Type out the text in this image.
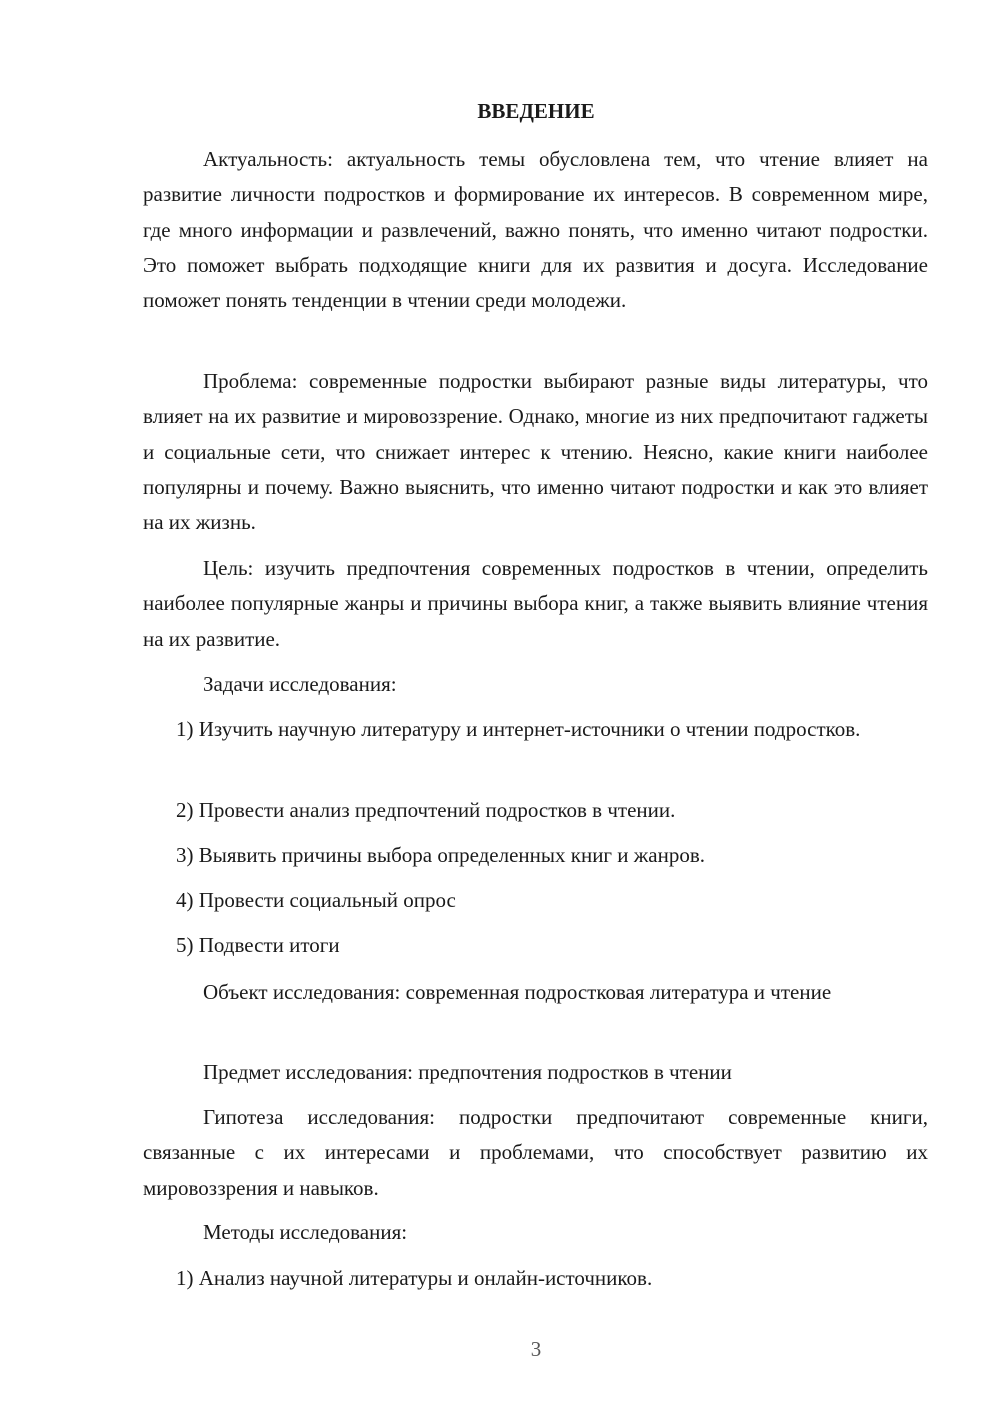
ВВЕДЕНИЕ

Актуальность: актуальность темы обусловлена тем, что чтение влияет на развитие личности подростков и формирование их интересов. В современном мире, где много информации и развлечений, важно понять, что именно читают подростки. Это поможет выбрать подходящие книги для их развития и досуга. Исследование поможет понять тенденции в чтении среди молодежи.

Проблема: современные подростки выбирают разные виды литературы, что влияет на их развитие и мировоззрение. Однако, многие из них предпочитают гаджеты и социальные сети, что снижает интерес к чтению. Неясно, какие книги наиболее популярны и почему. Важно выяснить, что именно читают подростки и как это влияет на их жизнь.

Цель: изучить предпочтения современных подростков в чтении, определить наиболее популярные жанры и причины выбора книг, а также выявить влияние чтения на их развитие.

Задачи исследования:

1) Изучить научную литературу и интернет-источники о чтении подростков.

2) Провести анализ предпочтений подростков в чтении.

3) Выявить причины выбора определенных книг и жанров.

4) Провести социальный опрос

5) Подвести итоги

Объект исследования: современная подростковая литература и чтение

Предмет исследования: предпочтения подростков в чтении

Гипотеза исследования: подростки предпочитают современные книги, связанные с их интересами и проблемами, что способствует развитию их мировоззрения и навыков.

Методы исследования:

1) Анализ научной литературы и онлайн-источников.

3
